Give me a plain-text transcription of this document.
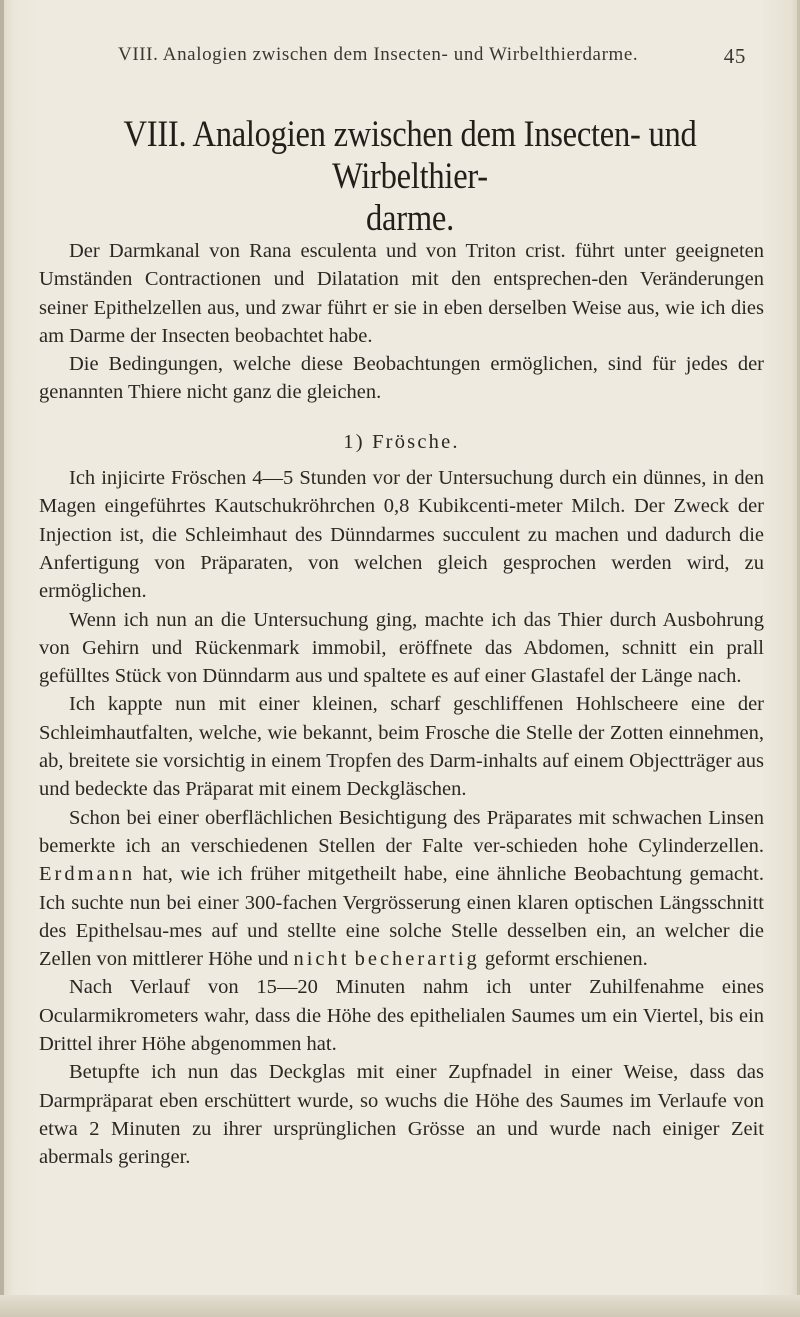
VIII. Analogien zwischen dem Insecten- und Wirbelthierdarme.	45
VIII. Analogien zwischen dem Insecten- und Wirbelthier-
darme.

Der Darmkanal von Rana esculenta und von Triton crist. führt unter geeigneten Umständen Contractionen und Dilatation mit den entsprechen-den Veränderungen seiner Epithelzellen aus, und zwar führt er sie in eben derselben Weise aus, wie ich dies am Darme der Insecten beobachtet habe.

Die Bedingungen, welche diese Beobachtungen ermöglichen, sind für jedes der genannten Thiere nicht ganz die gleichen.

1) Frösche.

Ich injicirte Fröschen 4—5 Stunden vor der Untersuchung durch ein dünnes, in den Magen eingeführtes Kautschukröhrchen 0,8 Kubikcenti-meter Milch. Der Zweck der Injection ist, die Schleimhaut des Dünndarmes succulent zu machen und dadurch die Anfertigung von Präparaten, von welchen gleich gesprochen werden wird, zu ermöglichen.

Wenn ich nun an die Untersuchung ging, machte ich das Thier durch Ausbohrung von Gehirn und Rückenmark immobil, eröffnete das Abdomen, schnitt ein prall gefülltes Stück von Dünndarm aus und spaltete es auf einer Glastafel der Länge nach.

Ich kappte nun mit einer kleinen, scharf geschliffenen Hohlscheere eine der Schleimhautfalten, welche, wie bekannt, beim Frosche die Stelle der Zotten einnehmen, ab, breitete sie vorsichtig in einem Tropfen des Darm-inhalts auf einem Objectträger aus und bedeckte das Präparat mit einem Deckgläschen.

Schon bei einer oberflächlichen Besichtigung des Präparates mit schwachen Linsen bemerkte ich an verschiedenen Stellen der Falte ver-schieden hohe Cylinderzellen. Erdmann hat, wie ich früher mitgetheilt habe, eine ähnliche Beobachtung gemacht. Ich suchte nun bei einer 300-fachen Vergrösserung einen klaren optischen Längsschnitt des Epithelsau-mes auf und stellte eine solche Stelle desselben ein, an welcher die Zellen von mittlerer Höhe und nicht becherartig geformt erschienen.

Nach Verlauf von 15—20 Minuten nahm ich unter Zuhilfenahme eines Ocularmikrometers wahr, dass die Höhe des epithelialen Saumes um ein Viertel, bis ein Drittel ihrer Höhe abgenommen hat.

Betupfte ich nun das Deckglas mit einer Zupfnadel in einer Weise, dass das Darmpräparat eben erschüttert wurde, so wuchs die Höhe des Saumes im Verlaufe von etwa 2 Minuten zu ihrer ursprünglichen Grösse an und wurde nach einiger Zeit abermals geringer.
